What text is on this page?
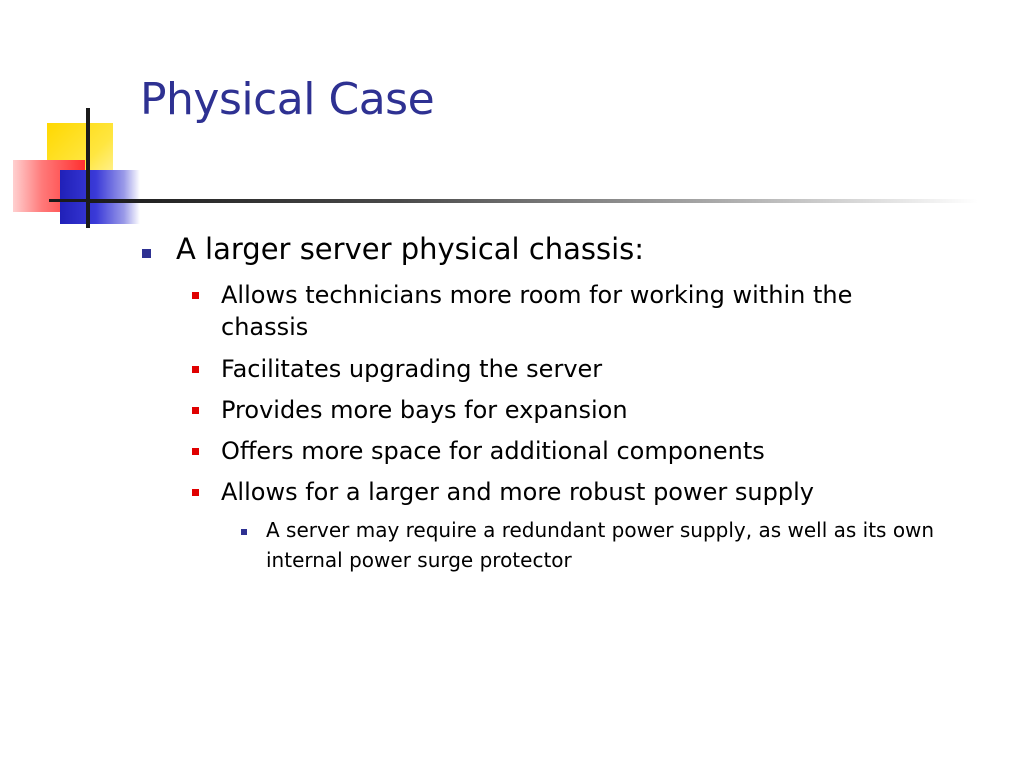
Physical Case
A larger server physical chassis:
Allows technicians more room for working within the chassis
Facilitates upgrading the server
Provides more bays for expansion
Offers more space for additional components
Allows for a larger and more robust power supply
A server may require a redundant power supply, as well as its own internal power surge protector
